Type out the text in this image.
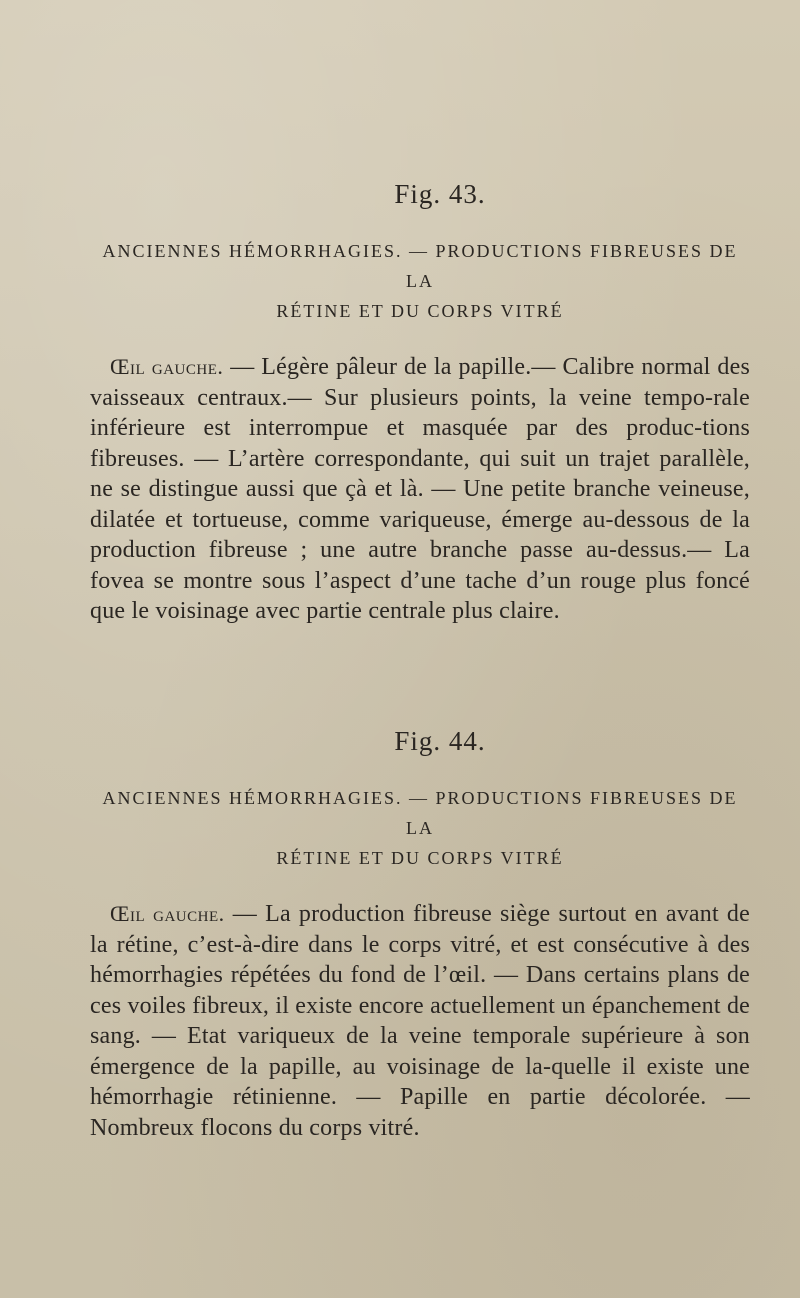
Fig. 43.
ANCIENNES HÉMORRHAGIES. — PRODUCTIONS FIBREUSES DE LA
RÉTINE ET DU CORPS VITRÉ

Œil gauche. — Légère pâleur de la papille.— Calibre normal des vaisseaux centraux.— Sur plusieurs points, la veine tempo-rale inférieure est interrompue et masquée par des produc-tions fibreuses. — L’artère correspondante, qui suit un trajet parallèle, ne se distingue aussi que çà et là. — Une petite branche veineuse, dilatée et tortueuse, comme variqueuse, émerge au-dessous de la production fibreuse ; une autre branche passe au-dessus.— La fovea se montre sous l’aspect d’une tache d’un rouge plus foncé que le voisinage avec partie centrale plus claire.

Fig. 44.
ANCIENNES HÉMORRHAGIES. — PRODUCTIONS FIBREUSES DE LA
RÉTINE ET DU CORPS VITRÉ

Œil gauche. — La production fibreuse siège surtout en avant de la rétine, c’est-à-dire dans le corps vitré, et est consécutive à des hémorrhagies répétées du fond de l’œil. — Dans certains plans de ces voiles fibreux, il existe encore actuellement un épanchement de sang. — Etat variqueux de la veine temporale supérieure à son émergence de la papille, au voisinage de la-quelle il existe une hémorrhagie rétinienne. — Papille en partie décolorée. — Nombreux flocons du corps vitré.
